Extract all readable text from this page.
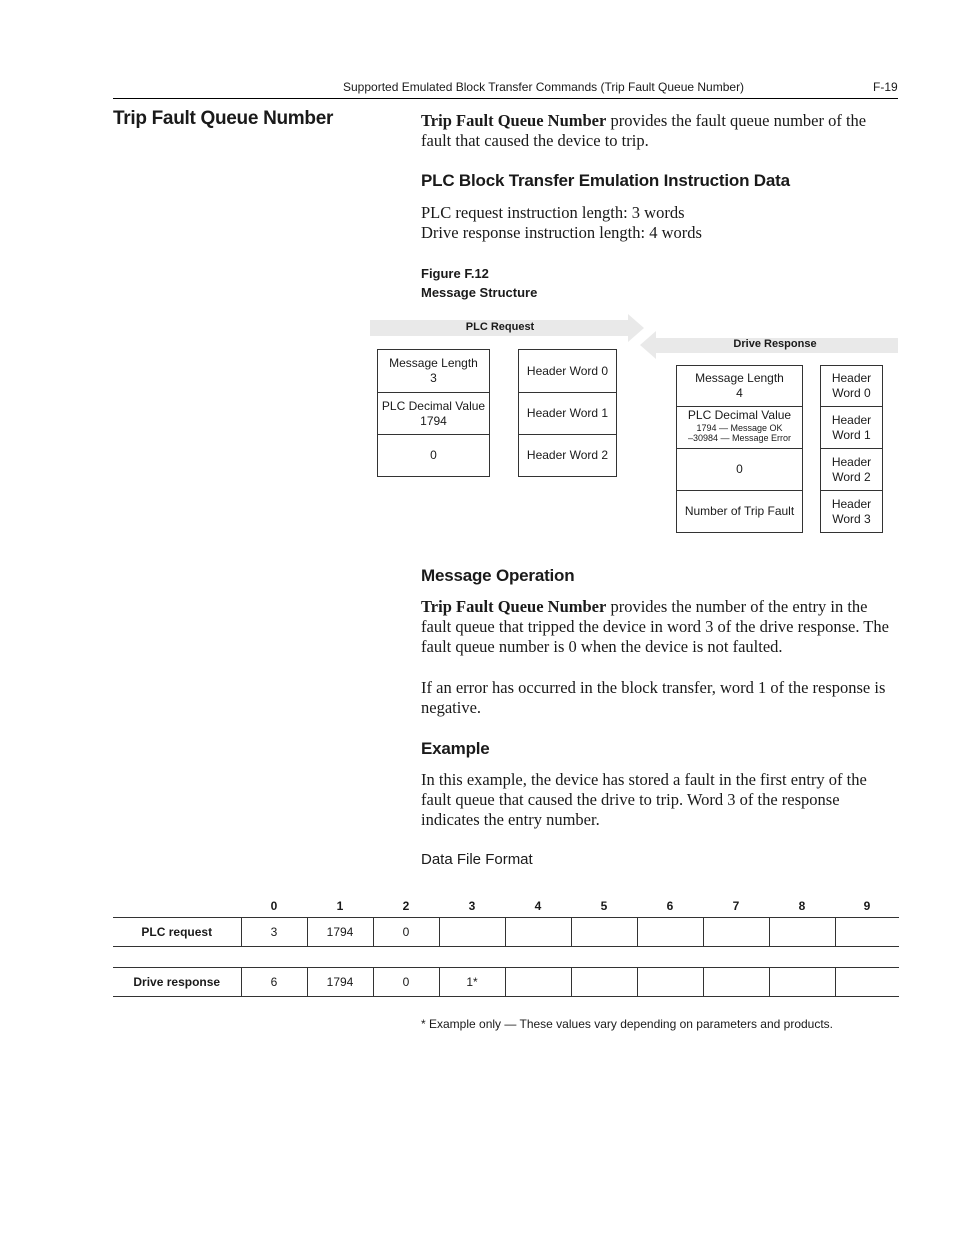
Supported Emulated Block Transfer Commands (Trip Fault Queue Number)	F-19
Trip Fault Queue Number	Trip Fault Queue Number provides the fault queue number of the fault that caused the device to trip.
PLC Block Transfer Emulation Instruction Data
PLC request instruction length: 3 words
Drive response instruction length: 4 words
Figure F.12
Message Structure
PLC Request
Drive Response
Message Length
3
PLC Decimal Value
1794
0
Header Word 0
Header Word 1
Header Word 2
Message Length
4
PLC Decimal Value
1794 — Message OK
–30984 — Message Error
0
Number of Trip Fault
Header
Word 0
Header
Word 1
Header
Word 2
Header
Word 3
Message Operation
Trip Fault Queue Number provides the number of the entry in the fault queue that tripped the device in word 3 of the drive response. The fault queue number is 0 when the device is not faulted.
If an error has occurred in the block transfer, word 1 of the response is negative.
Example
In this example, the device has stored a fault in the first entry of the fault queue that caused the drive to trip. Word 3 of the response indicates the entry number.
Data File Format
	0	1	2	3	4	5	6	7	8	9
PLC request	3	1794	0							

Drive response	6	1794	0	1*						
* Example only — These values vary depending on parameters and products.
